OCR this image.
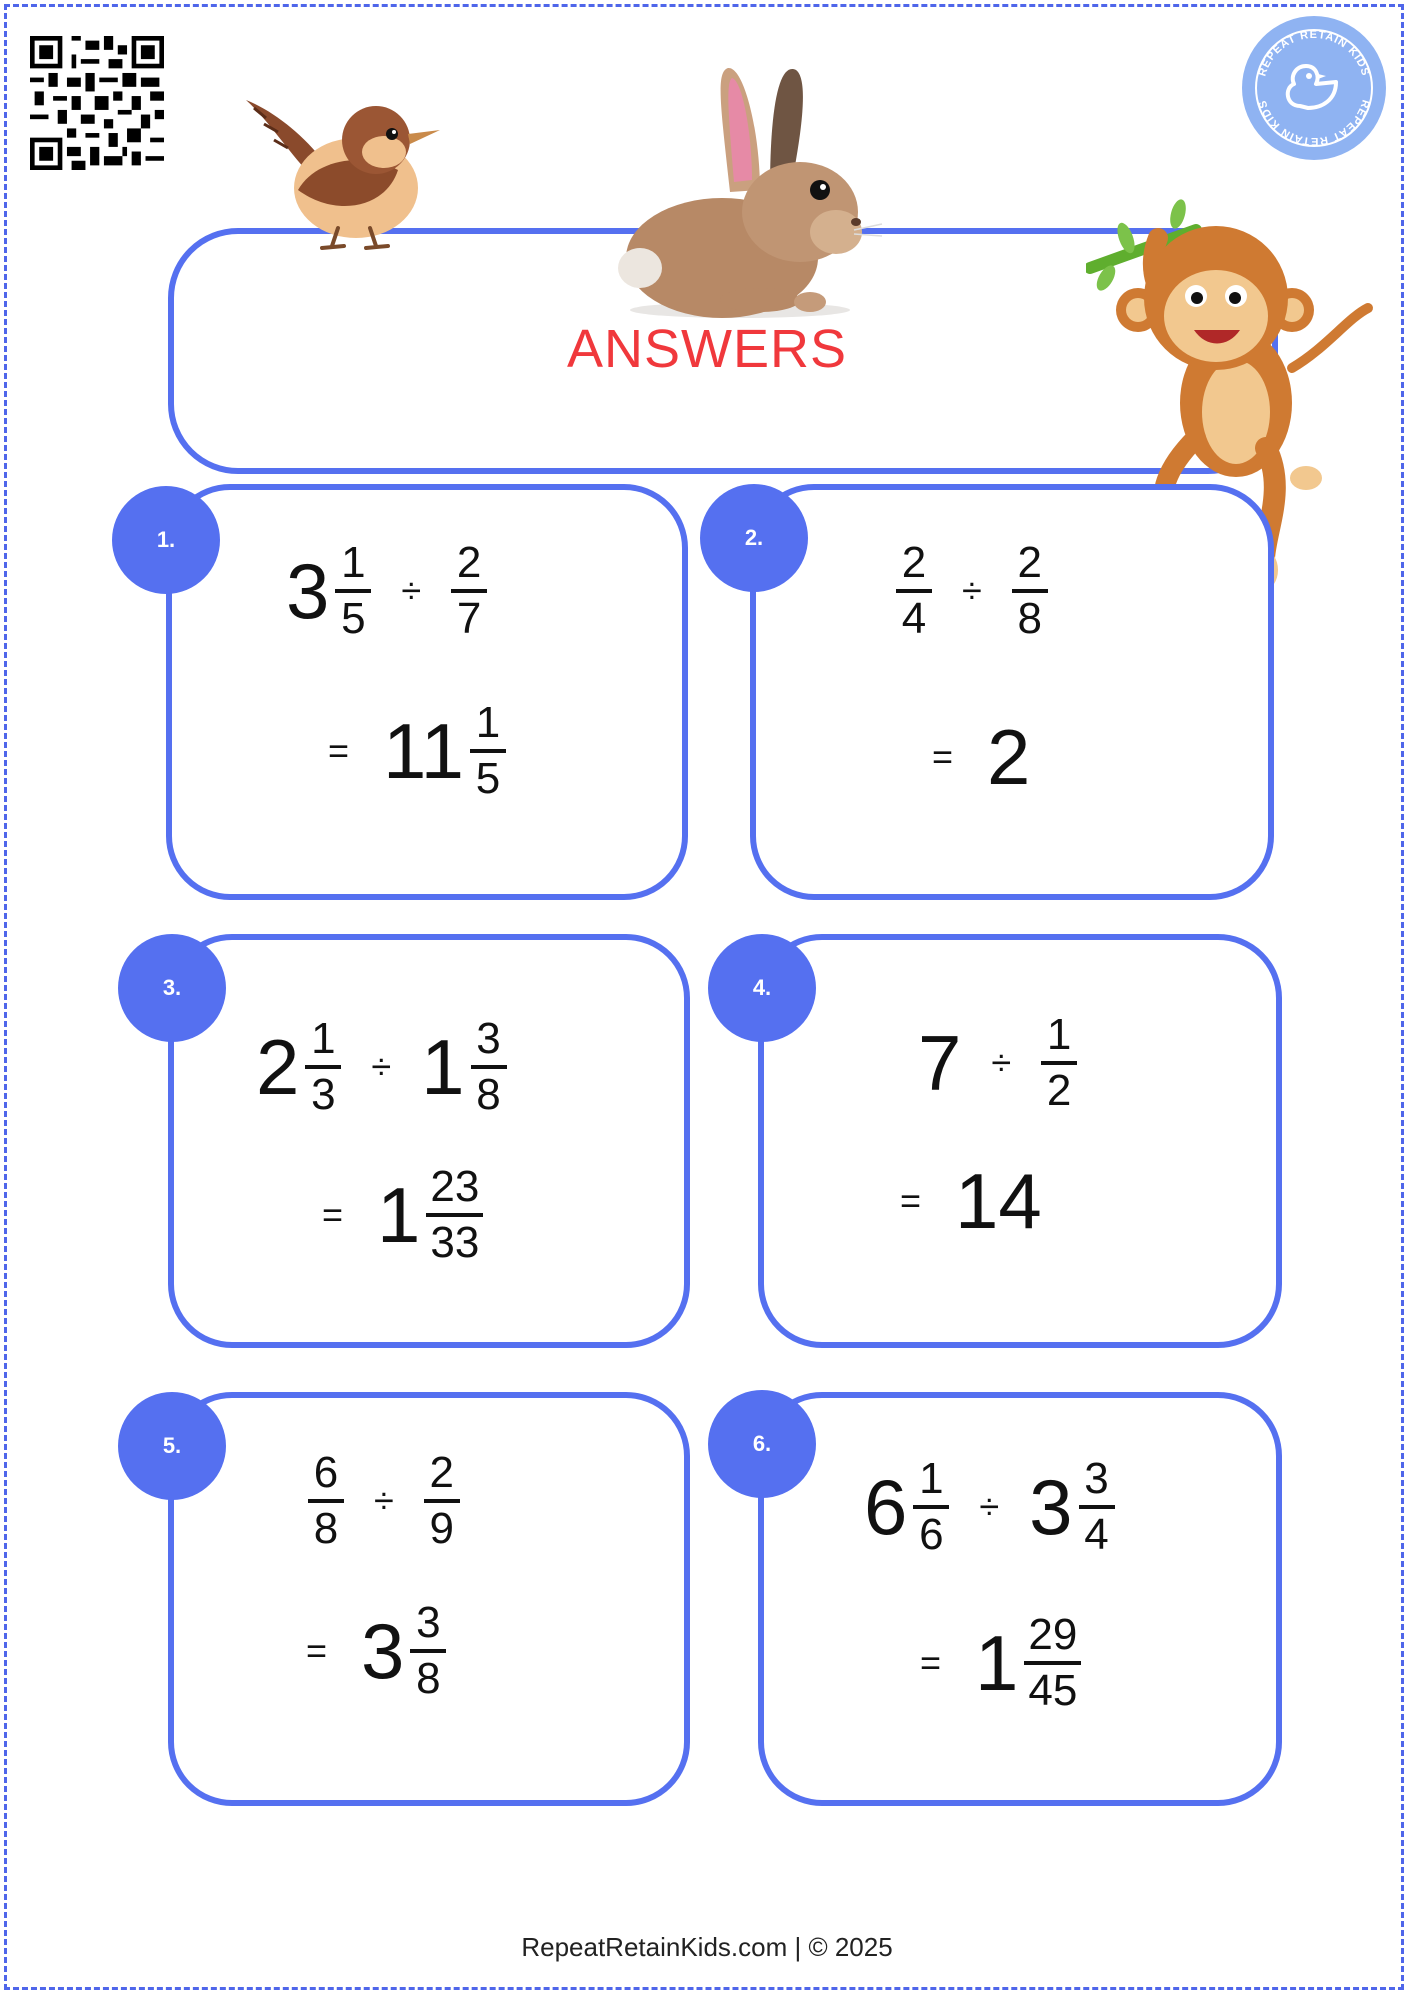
REPEAT RETAIN KIDS
REPEAT RETAIN KIDS
ANSWERS
1.
$3 \frac{1}{5} \div \frac{2}{7}$
= $11 \frac{1}{5}$
2.
$\frac{2}{4} \div \frac{2}{8}$
= 2
3.
$2 \frac{1}{3} \div 1 \frac{3}{8}$
= $1 \frac{23}{33}$
4.
$7 \div \frac{1}{2}$
= 14
5.
$\frac{6}{8} \div \frac{2}{9}$
= $3 \frac{3}{8}$
6.
$6 \frac{1}{6} \div 3 \frac{3}{4}$
= $1 \frac{29}{45}$
RepeatRetainKids.com | © 2025
